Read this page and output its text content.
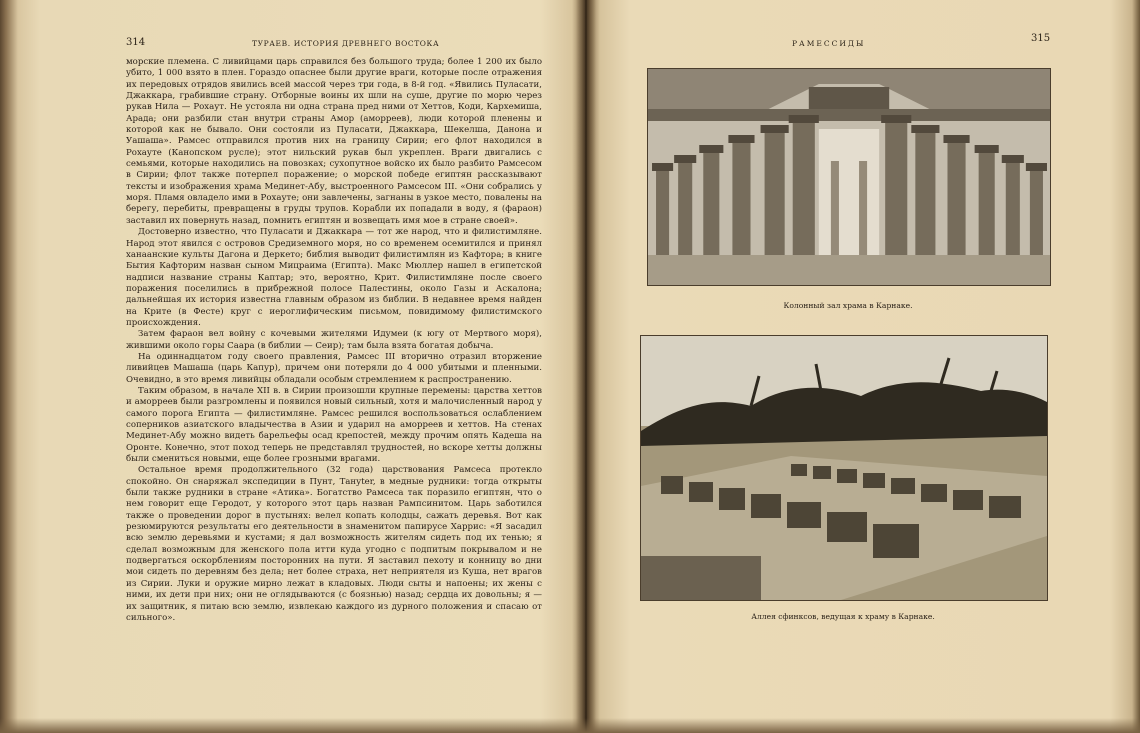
314	ТУРАЕВ. ИСТОРИЯ ДРЕВНЕГО ВОСТОКА

морские племена. С ливийцами царь справился без большого труда; более 1 200 их было убито, 1 000 взято в плен. Гораздо опаснее были другие враги, которые после отражения их передовых отрядов явились всей массой через три года, в 8-й год. «Явились Пуласати, Джаккара, грабившие страну. Отборные воины их шли на суше, другие по морю через рукав Нила — Рохаут. Не устояла ни одна страна пред ними от Хеттов, Коди, Кархемиша, Арада; они разбили стан внутри страны Амор (аморреев), люди которой пленены и которой как не бывало. Они состояли из Пуласати, Джаккара, Шекелша, Данона и Уашаша». Рамсес отправился против них на границу Сирии; его флот находился в Рохауте (Канопском русле); этот нильский рукав был укреплен. Враги двигались с семьями, которые находились на повозках; сухопутное войско их было разбито Рамсесом в Сирии; флот также потерпел поражение; о морской победе египтян рассказывают тексты и изображения храма Мединет-Абу, выстроенного Рамсесом III. «Они собрались у моря. Пламя овладело ими в Рохауте; они завлечены, загнаны в узкое место, повалены на берегу, перебиты, превращены в груды трупов. Корабли их попадали в воду, я (фараон) заставил их повернуть назад, помнить египтян и возвещать имя мое в стране своей».

Достоверно известно, что Пуласати и Джаккара — тот же народ, что и филистимляне. Народ этот явился с островов Средиземного моря, но со временем осемитился и принял ханаанские культы Дагона и Деркето; библия выводит филистимлян из Кафтора; в книге Бытия Кафторим назван сыном Мицраима (Египта). Макс Мюллер нашел в египетской надписи название страны Каптар; это, вероятно, Крит. Филистимляне после своего поражения поселились в прибрежной полосе Палестины, около Газы и Аскалона; дальнейшая их история известна главным образом из библии. В недавнее время найден на Крите (в Фесте) круг с иероглифическим письмом, повидимому филистимского происхождения.

Затем фараон вел войну с кочевыми жителями Идумеи (к югу от Мертвого моря), жившими около горы Саара (в библии — Сеир); там была взята богатая добыча.

На одиннадцатом году своего правления, Рамсес III вторично отразил вторжение ливийцев Машаша (царь Капур), причем они потеряли до 4 000 убитыми и пленными. Очевидно, в это время ливийцы обладали особым стремлением к распространению.

Таким образом, в начале XII в. в Сирии произошли крупные перемены: царства хеттов и аморреев были разгромлены и появился новый сильный, хотя и малочисленный народ у самого порога Египта — филистимляне. Рамсес решился воспользоваться ослаблением соперников азиатского владычества в Азии и ударил на аморреев и хеттов. На стенах Мединет-Абу можно видеть барельефы осад крепостей, между прочим опять Кадеша на Оронте. Конечно, этот поход теперь не представлял трудностей, но вскоре хетты должны были смениться новыми, еще более грозными врагами.

Остальное время продолжительного (32 года) царствования Рамсеса протекло спокойно. Он снаряжал экспедиции в Пунт, Тануter, в медные рудники: тогда открыты были также рудники в стране «Атика». Богатство Рамсеса так поразило египтян, что о нем говорит еще Геродот, у которого этот царь назван Рампсинитом. Царь заботился также о проведении дорог в пустынях: велел копать колодцы, сажать деревья. Вот как резюмируются результаты его деятельности в знаменитом папирусе Харрис: «Я засадил всю землю деревьями и кустами; я дал возможность жителям сидеть под их тенью; я сделал возможным для женского пола итти куда угодно с подпитым покрывалом и не подвергаться оскорблениям посторонних на пути. Я заставил пехоту и конницу во дни мои сидеть по деревням без дела; нет более страха, нет неприятеля из Куша, нет врагов из Сирии. Луки и оружие мирно лежат в кладовых. Люди сыты и напоены; их жены с ними, их дети при них; они не оглядываются (с боязнью) назад; сердца их довольны; я — их защитник, я питаю всю землю, извлекаю каждого из дурного положения и спасаю от сильного».

РАМЕССИДЫ	315
Колонный зал храма в Карнаке.
Аллея сфинксов, ведущая к храму в Карнаке.
